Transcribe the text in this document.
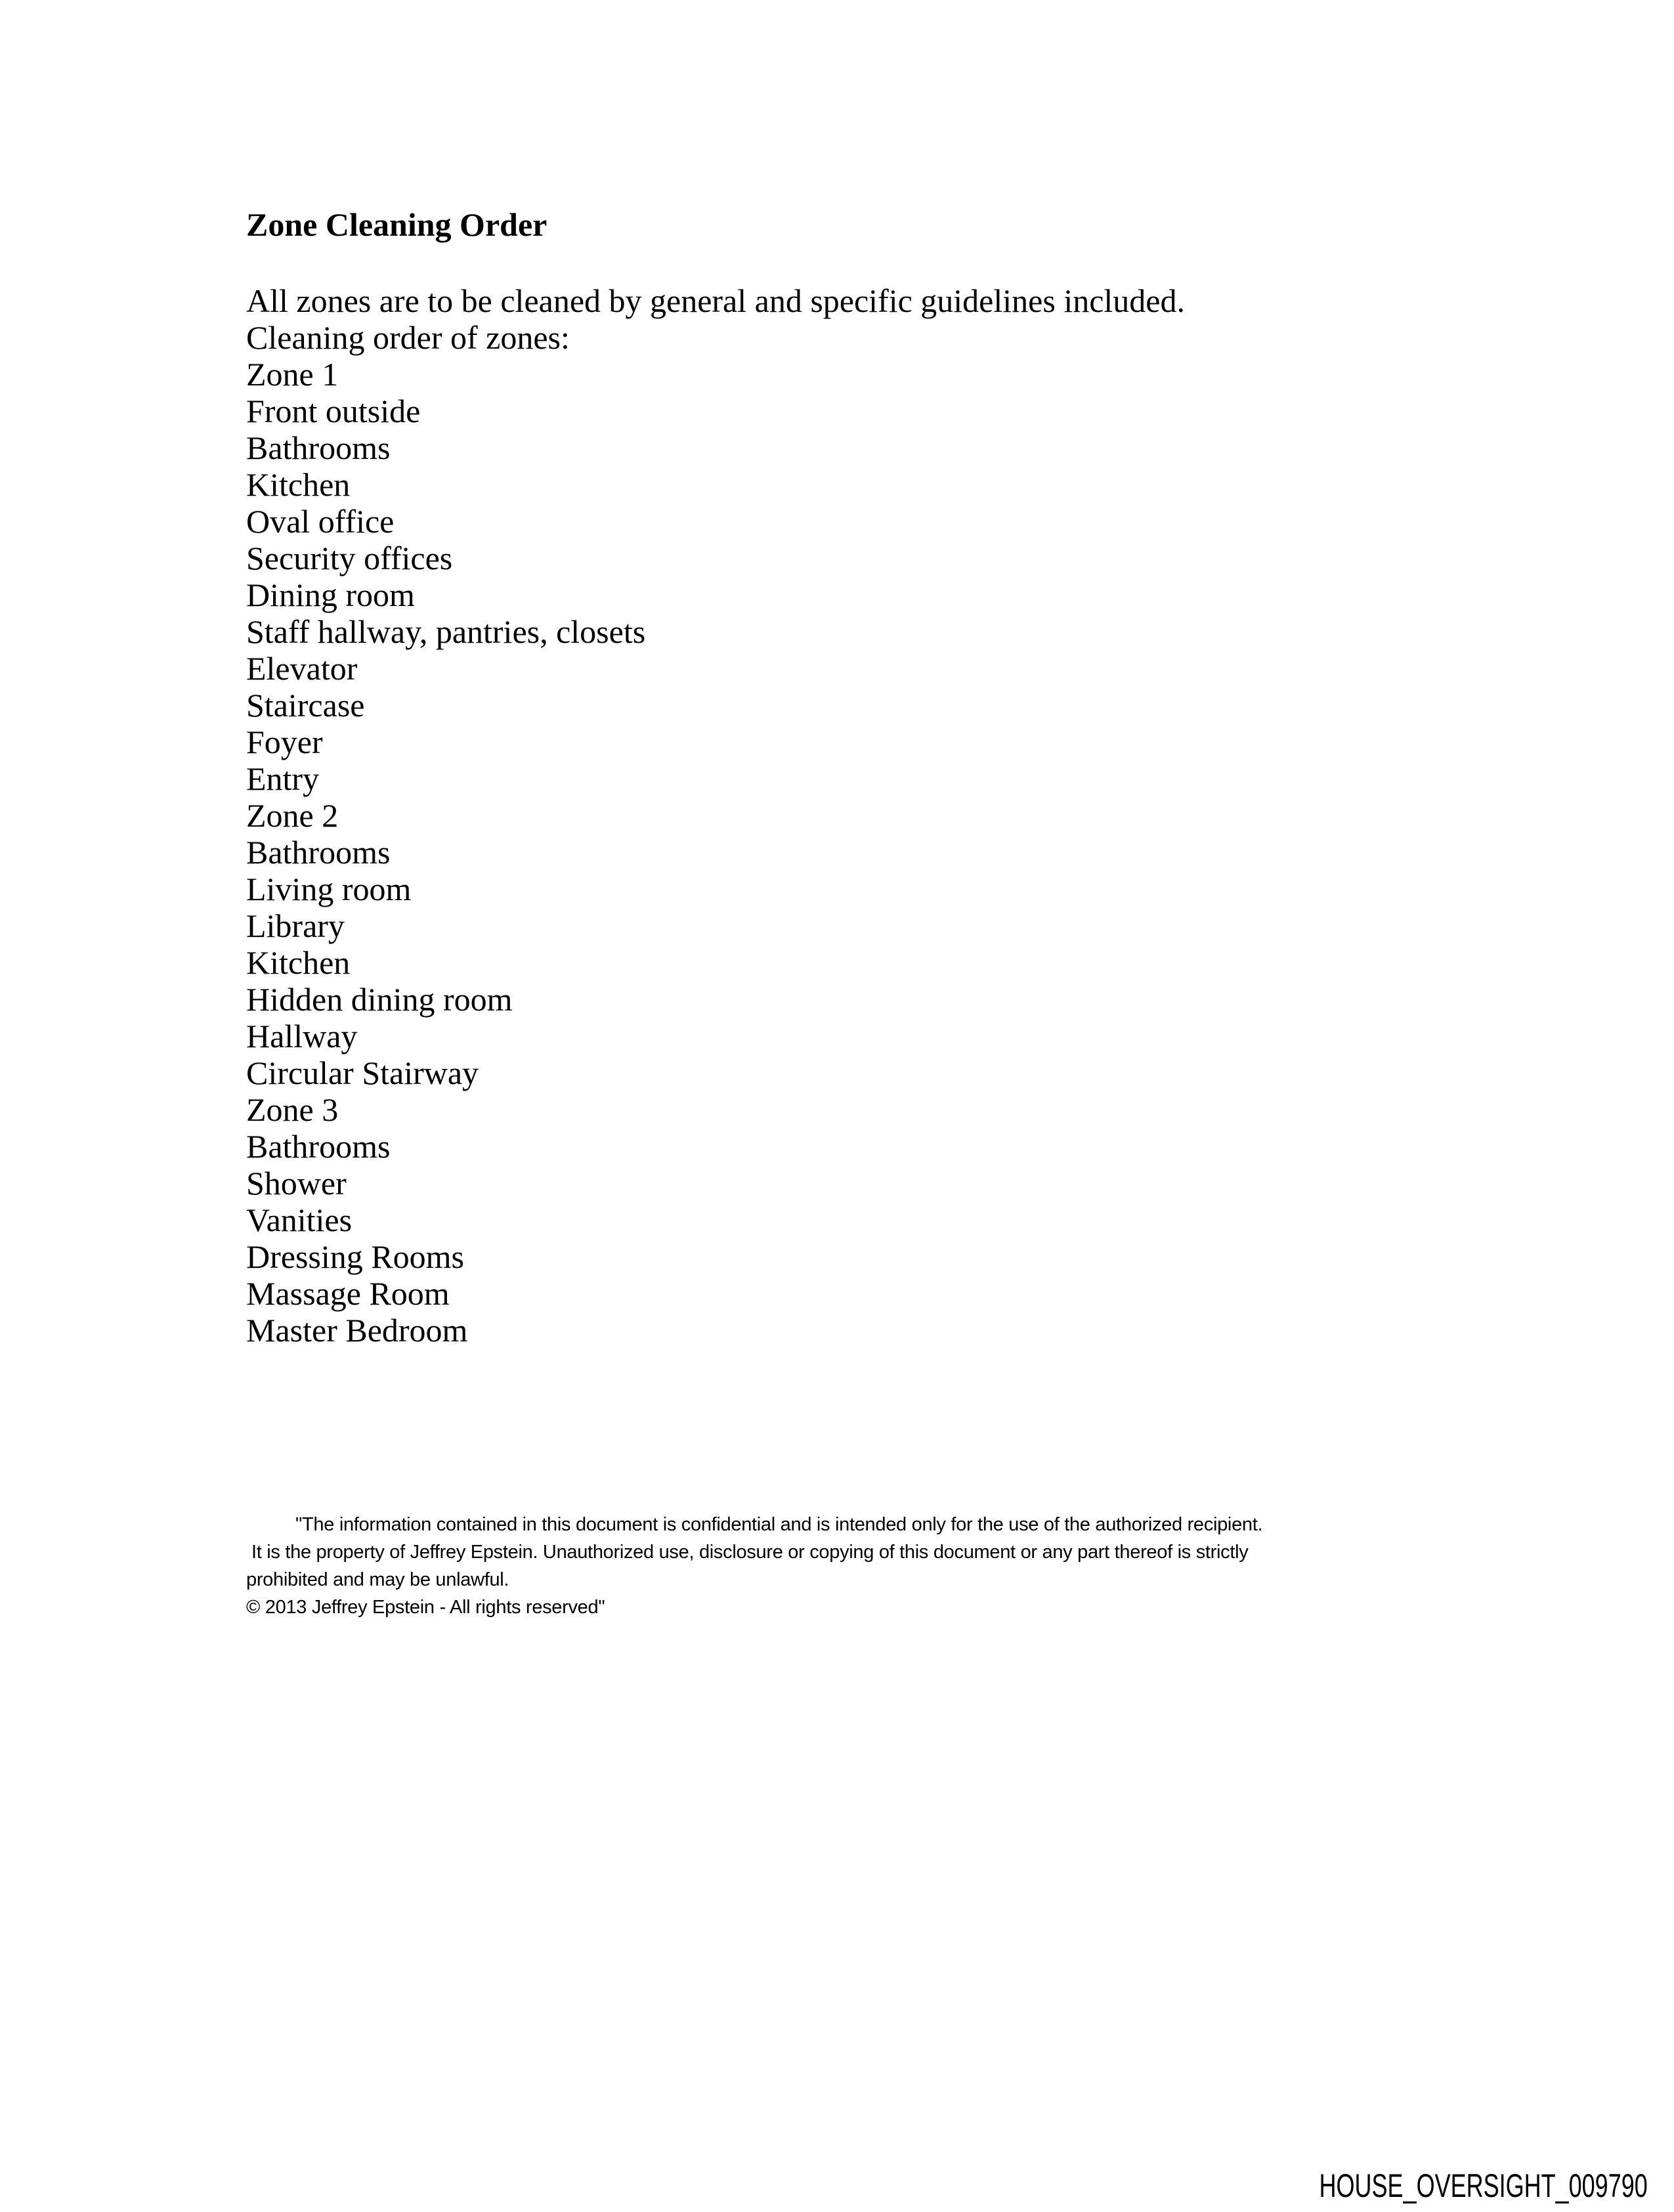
Zone Cleaning Order

All zones are to be cleaned by general and specific guidelines included.

Cleaning order of zones:

Zone 1

Front outside
Bathrooms
Kitchen
Oval office
Security offices
Dining room
Staff hallway, pantries, closets
Elevator
Staircase
Foyer
Entry

Zone 2

Bathrooms
Living room
Library
Kitchen
Hidden dining room
Hallway
Circular Stairway

Zone 3

Bathrooms
Shower
Vanities
Dressing Rooms
Massage Room
Master Bedroom

"The information contained in this document is confidential and is intended only for the use of the authorized recipient.

It is the property of Jeffrey Epstein. Unauthorized use, disclosure or copying of this document or any part thereof is strictly

prohibited and may be unlawful.

© 2013 Jeffrey Epstein - All rights reserved"

HOUSE_OVERSIGHT_009790
